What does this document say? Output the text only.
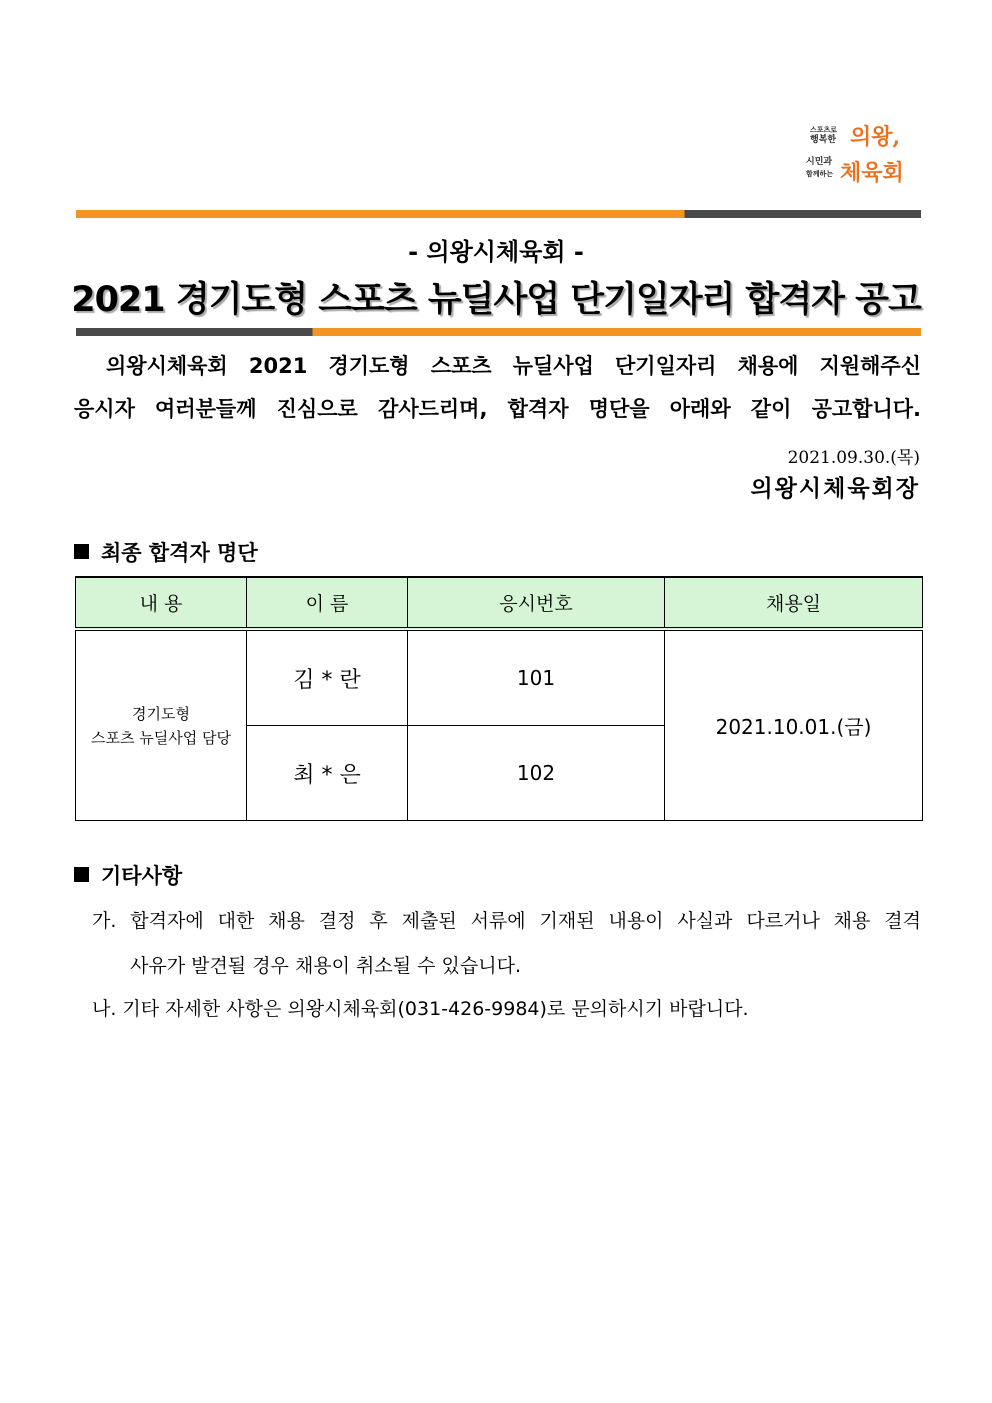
스포츠로
행복한 의왕,
시민과
함께하는 체육회
- 의왕시체육회 -
2021 경기도형 스포츠 뉴딜사업 단기일자리 합격자 공고
의왕시체육회 2021 경기도형 스포츠 뉴딜사업 단기일자리 채용에 지원해주신
응시자 여러분들께 진심으로 감사드리며, 합격자 명단을 아래와 같이 공고합니다.
2021.09.30.(목)
의왕시체육회장
최종 합격자 명단
내 용	이 름	응시번호	채용일

경기도형
스포츠 뉴딜사업 담당	김 * 란	101	2021.10.01.(금)
	최 * 은	102	
기타사항
가. 합격자에 대한 채용 결정 후 제출된 서류에 기재된 내용이 사실과 다르거나 채용 결격
사유가 발견될 경우 채용이 취소될 수 있습니다.
나. 기타 자세한 사항은 의왕시체육회(031-426-9984)로 문의하시기 바랍니다.
